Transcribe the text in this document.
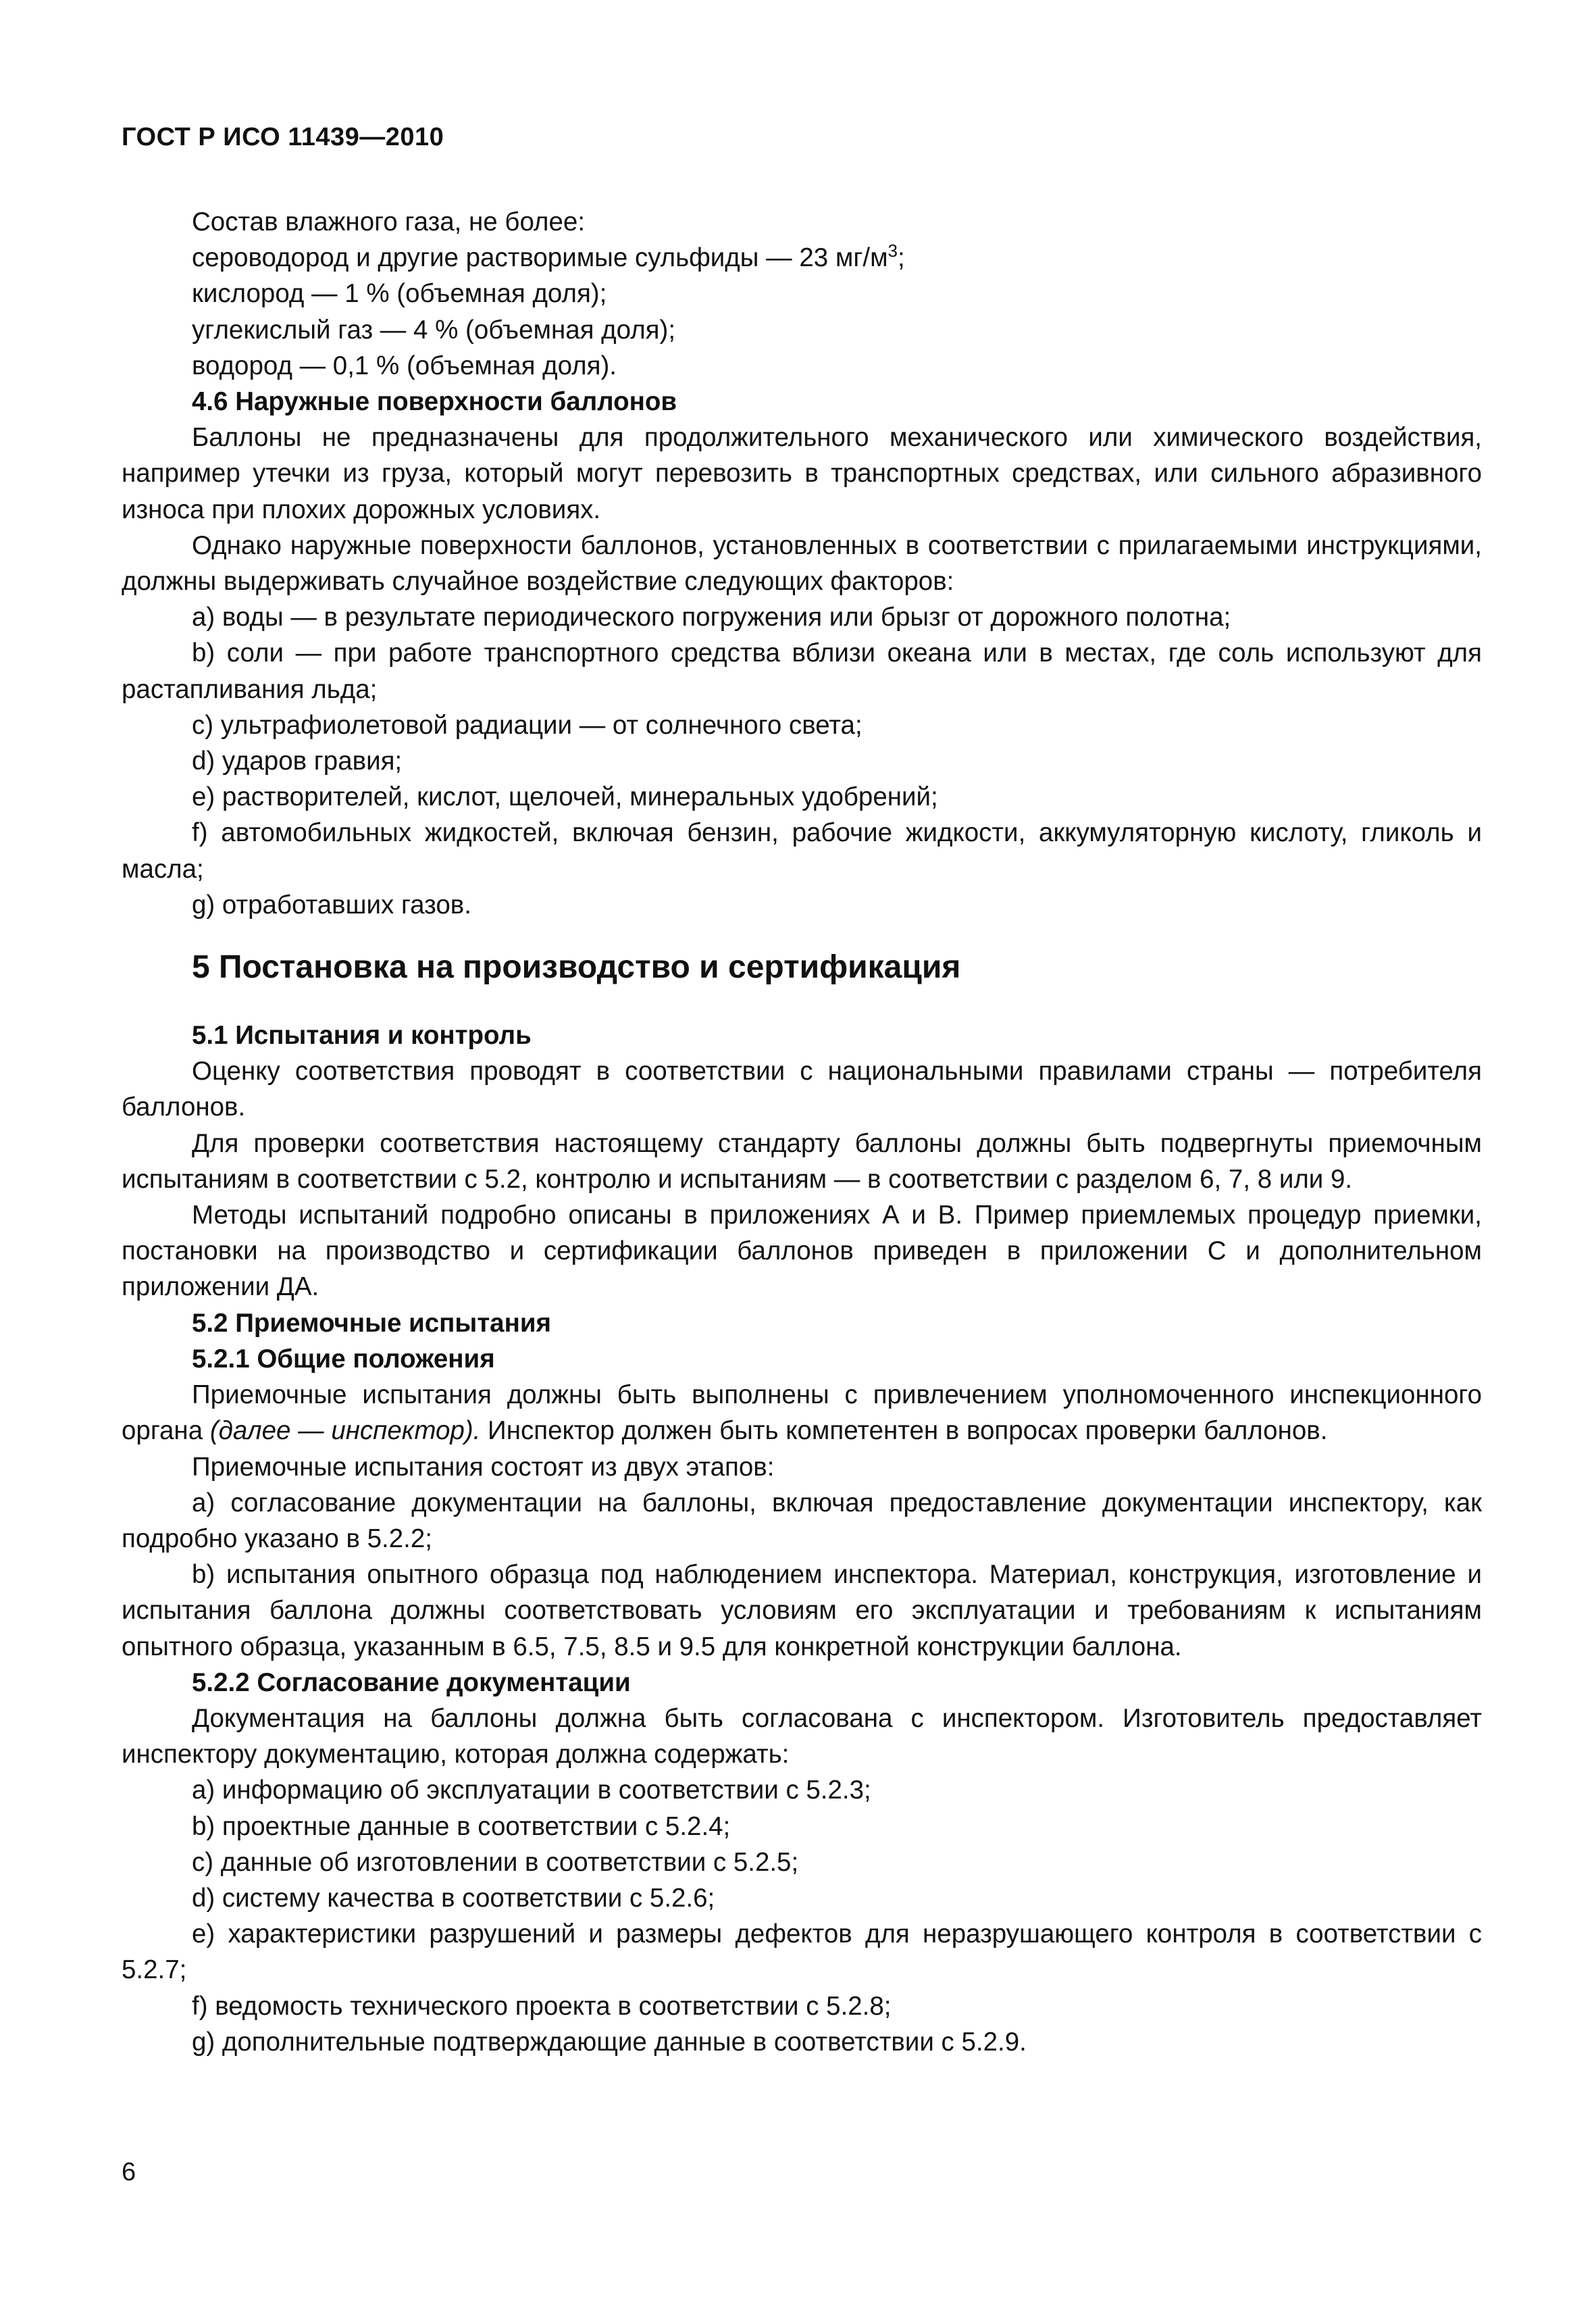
ГОСТ Р ИСО 11439—2010

Состав влажного газа, не более:

сероводород и другие растворимые сульфиды — 23 $мг/м^3$;

кислород — 1 % (объемная доля);

углекислый газ — 4 % (объемная доля);

водород — 0,1 % (объемная доля).

4.6 Наружные поверхности баллонов

Баллоны не предназначены для продолжительного механического или химического воздействия, например утечки из груза, который могут перевозить в транспортных средствах, или сильного абразивного износа при плохих дорожных условиях.

Однако наружные поверхности баллонов, установленных в соответствии с прилагаемыми инструкциями, должны выдерживать случайное воздействие следующих факторов:

a) воды — в результате периодического погружения или брызг от дорожного полотна;

b) соли — при работе транспортного средства вблизи океана или в местах, где соль используют для растапливания льда;

c) ультрафиолетовой радиации — от солнечного света;

d) ударов гравия;

e) растворителей, кислот, щелочей, минеральных удобрений;

f) автомобильных жидкостей, включая бензин, рабочие жидкости, аккумуляторную кислоту, гликоль и масла;

g) отработавших газов.

5 Постановка на производство и сертификация

5.1 Испытания и контроль

Оценку соответствия проводят в соответствии с национальными правилами страны — потребителя баллонов.

Для проверки соответствия настоящему стандарту баллоны должны быть подвергнуты приемочным испытаниям в соответствии с 5.2, контролю и испытаниям — в соответствии с разделом 6, 7, 8 или 9.

Методы испытаний подробно описаны в приложениях А и В. Пример приемлемых процедур приемки, постановки на производство и сертификации баллонов приведен в приложении С и дополнительном приложении ДА.

5.2 Приемочные испытания

5.2.1 Общие положения

Приемочные испытания должны быть выполнены с привлечением уполномоченного инспекционного органа (далее — инспектор). Инспектор должен быть компетентен в вопросах проверки баллонов.

Приемочные испытания состоят из двух этапов:

a) согласование документации на баллоны, включая предоставление документации инспектору, как подробно указано в 5.2.2;

b) испытания опытного образца под наблюдением инспектора. Материал, конструкция, изготовление и испытания баллона должны соответствовать условиям его эксплуатации и требованиям к испытаниям опытного образца, указанным в 6.5, 7.5, 8.5 и 9.5 для конкретной конструкции баллона.

5.2.2 Согласование документации

Документация на баллоны должна быть согласована с инспектором. Изготовитель предоставляет инспектору документацию, которая должна содержать:

a) информацию об эксплуатации в соответствии с 5.2.3;

b) проектные данные в соответствии с 5.2.4;

c) данные об изготовлении в соответствии с 5.2.5;

d) систему качества в соответствии с 5.2.6;

e) характеристики разрушений и размеры дефектов для неразрушающего контроля в соответствии с 5.2.7;

f) ведомость технического проекта в соответствии с 5.2.8;

g) дополнительные подтверждающие данные в соответствии с 5.2.9.

6
